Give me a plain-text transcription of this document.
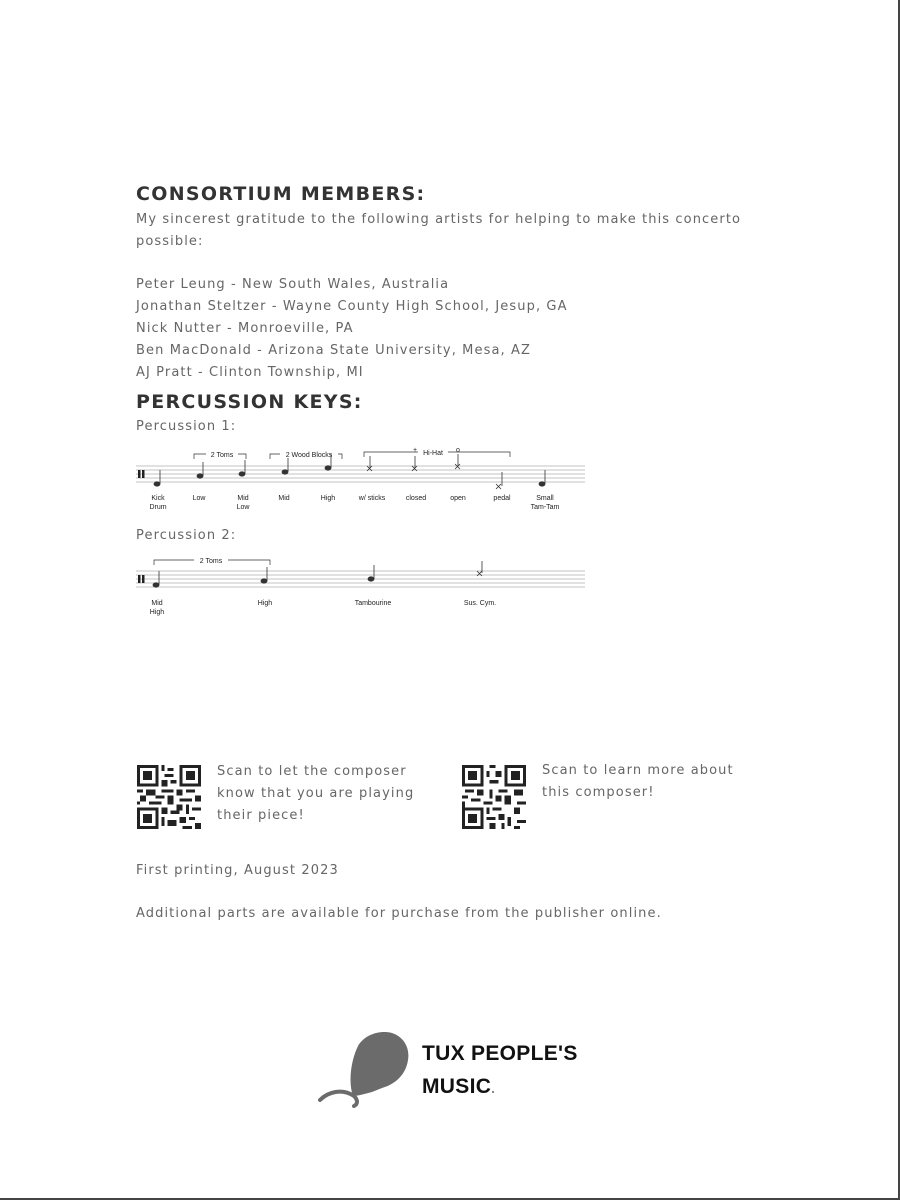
CONSORTIUM MEMBERS:
My sincerest gratitude to the following artists for helping to make this concerto
possible:
Peter Leung - New South Wales, Australia
Jonathan Steltzer - Wayne County High School, Jesup, GA
Nick Nutter - Monroeville, PA
Ben MacDonald - Arizona State University, Mesa, AZ
AJ Pratt - Clinton Township, MI
PERCUSSION KEYS:
Percussion 1:
2 Toms	2 Wood Blocks	Hi-Hat
+	o
Kick
Drum
Low	Mid
Low
Mid	High	w/ sticks	closed	open	pedal	Small
Tam-Tam
Percussion 2:
2 Toms
Mid
High
High	Tambourine	Sus. Cym.
Scan to let the composer
know that you are playing
their piece!
Scan to learn more about
this composer!
First printing, August 2023
Additional parts are available for purchase from the publisher online.
TUX PEOPLE'S
MUSIC.
